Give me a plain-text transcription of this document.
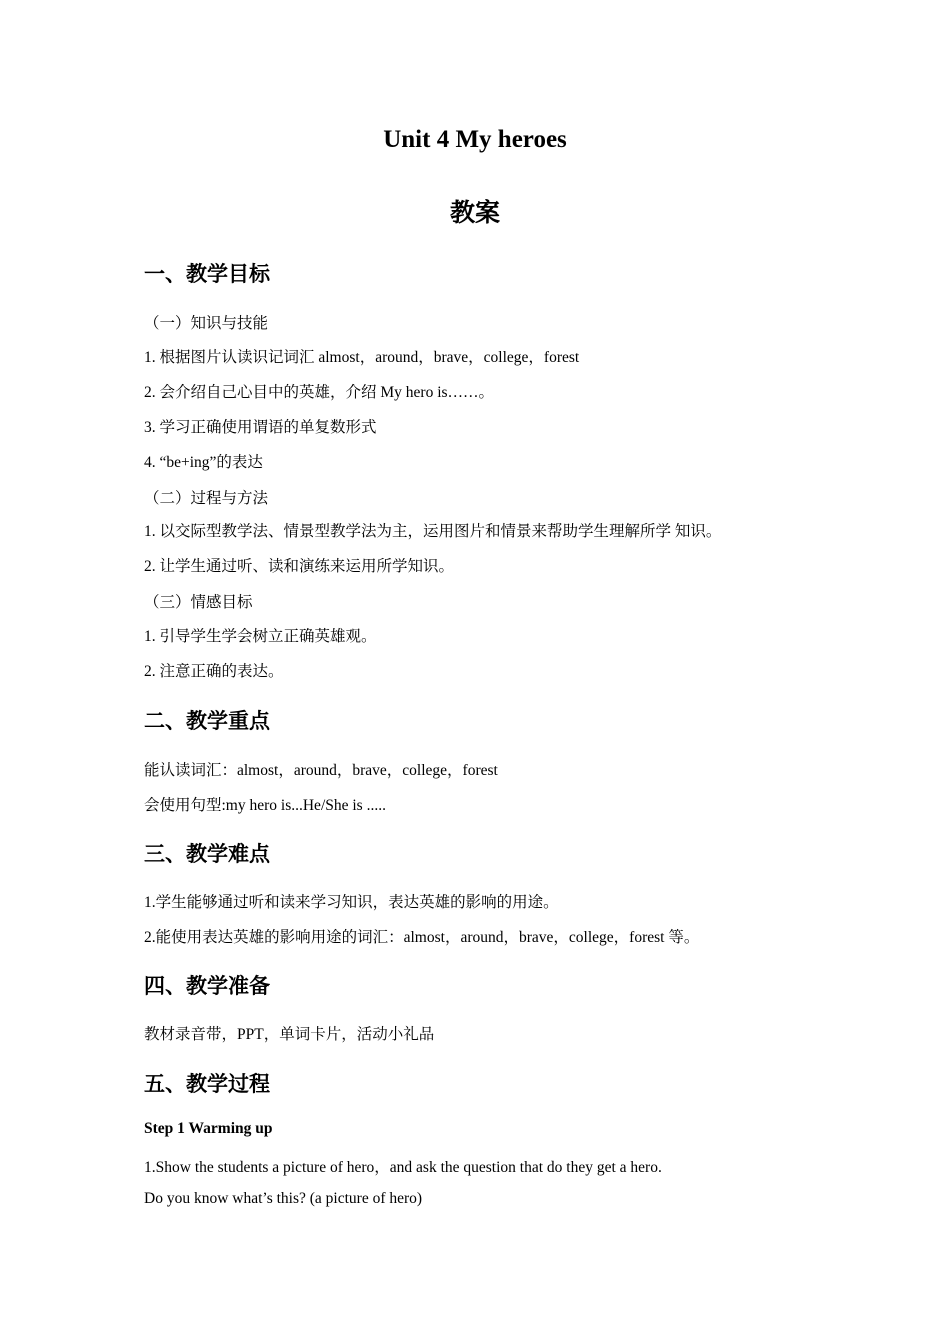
Unit 4 My heroes
教案
一、教学目标
（一）知识与技能
1. 根据图片认读识记词汇 almost，around，brave，college，forest
2. 会介绍自己心目中的英雄，介绍 My hero is……。
3. 学习正确使用谓语的单复数形式
4. “be+ing”的表达
（二）过程与方法
1. 以交际型教学法、情景型教学法为主，运用图片和情景来帮助学生理解所学 知识。
2. 让学生通过听、读和演练来运用所学知识。
（三）情感目标
1. 引导学生学会树立正确英雄观。
2. 注意正确的表达。
二、教学重点
能认读词汇：almost，around，brave，college，forest
会使用句型:my hero is...He/She is .....
三、教学难点
1.学生能够通过听和读来学习知识，表达英雄的影响的用途。
2.能使用表达英雄的影响用途的词汇：almost，around，brave，college，forest 等。
四、教学准备
教材录音带，PPT，单词卡片，活动小礼品
五、教学过程
Step 1 Warming up
1.Show the students a picture of hero，and ask the question that do they get a hero.
Do you know what’s this? (a picture of hero)
